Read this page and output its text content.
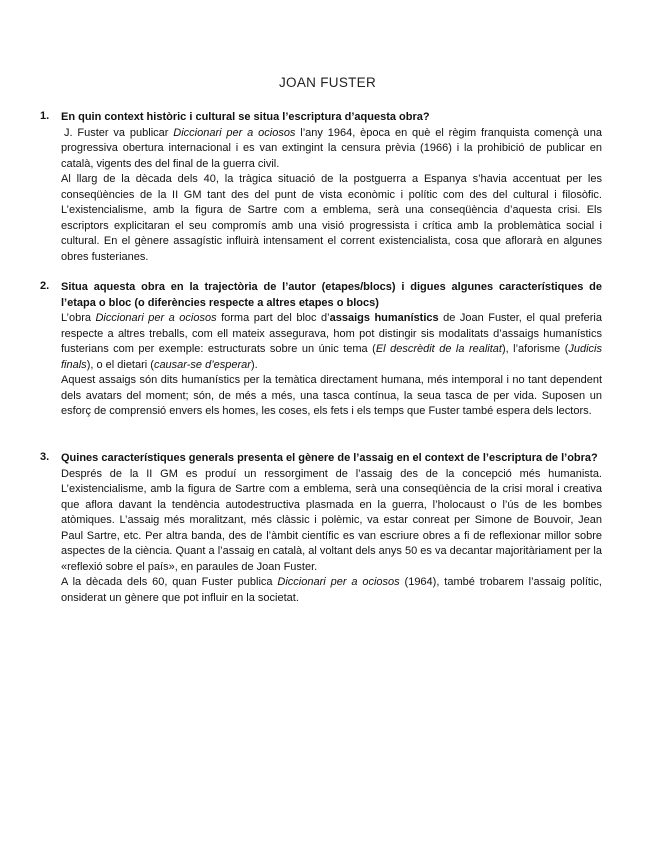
JOAN FUSTER
1. En quin context històric i cultural se situa l’escriptura d’aquesta obra?
J. Fuster va publicar Diccionari per a ociosos l’any 1964, època en què el règim franquista començà una progressiva obertura internacional i es van extingint la censura prèvia (1966) i la prohibició de publicar en català, vigents des del final de la guerra civil.
Al llarg de la dècada dels 40, la tràgica situació de la postguerra a Espanya s’havia accentuat per les conseqüències de la II GM tant des del punt de vista econòmic i polític com des del cultural i filosòfic. L’existencialisme, amb la figura de Sartre com a emblema, serà una conseqüència d’aquesta crisi. Els escriptors explicitaran el seu compromís amb una visió progressista i crítica amb la problemàtica social i cultural. En el gènere assagístic influirà intensament el corrent existencialista, cosa que aflorarà en algunes obres fusterianes.
2. Situa aquesta obra en la trajectòria de l’autor (etapes/blocs) i digues algunes característiques de l’etapa o bloc (o diferències respecte a altres etapes o blocs)
L’obra Diccionari per a ociosos forma part del bloc d’assaigs humanístics de Joan Fuster, el qual preferia respecte a altres treballs, com ell mateix assegurava, hom pot distingir sis modalitats d’assaigs humanístics fusterians com per exemple: estructurats sobre un únic tema (El descrèdit de la realitat), l’aforisme (Judicis finals), o el dietari (causar-se d’esperar).
Aquest assaigs són dits humanístics per la temàtica directament humana, més intemporal i no tant dependent dels avatars del moment; són, de més a més, una tasca contínua, la seua tasca de per vida. Suposen un esforç de comprensió envers els homes, les coses, els fets i els temps que Fuster també espera dels lectors.
3. Quines característiques generals presenta el gènere de l’assaig en el context de l’escriptura de l’obra?
Després de la II GM es produí un ressorgiment de l’assaig des de la concepció més humanista. L’existencialisme, amb la figura de Sartre com a emblema, serà una conseqüència de la crisi moral i creativa que aflora davant la tendència autodestructiva plasmada en la guerra, l’holocaust o l’ús de les bombes atòmiques. L’assaig més moralitzant, més clàssic i polèmic, va estar conreat per Simone de Bouvoir, Jean Paul Sartre, etc. Per altra banda, des de l’àmbit científic es van escriure obres a fi de reflexionar millor sobre aspectes de la ciència. Quant a l’assaig en català, al voltant dels anys 50 es va decantar majoritàriament per la «reflexió sobre el país», en paraules de Joan Fuster.
A la dècada dels 60, quan Fuster publica Diccionari per a ociosos (1964), també trobarem l’assaig polític, onsiderat un gènere que pot influir en la societat.
